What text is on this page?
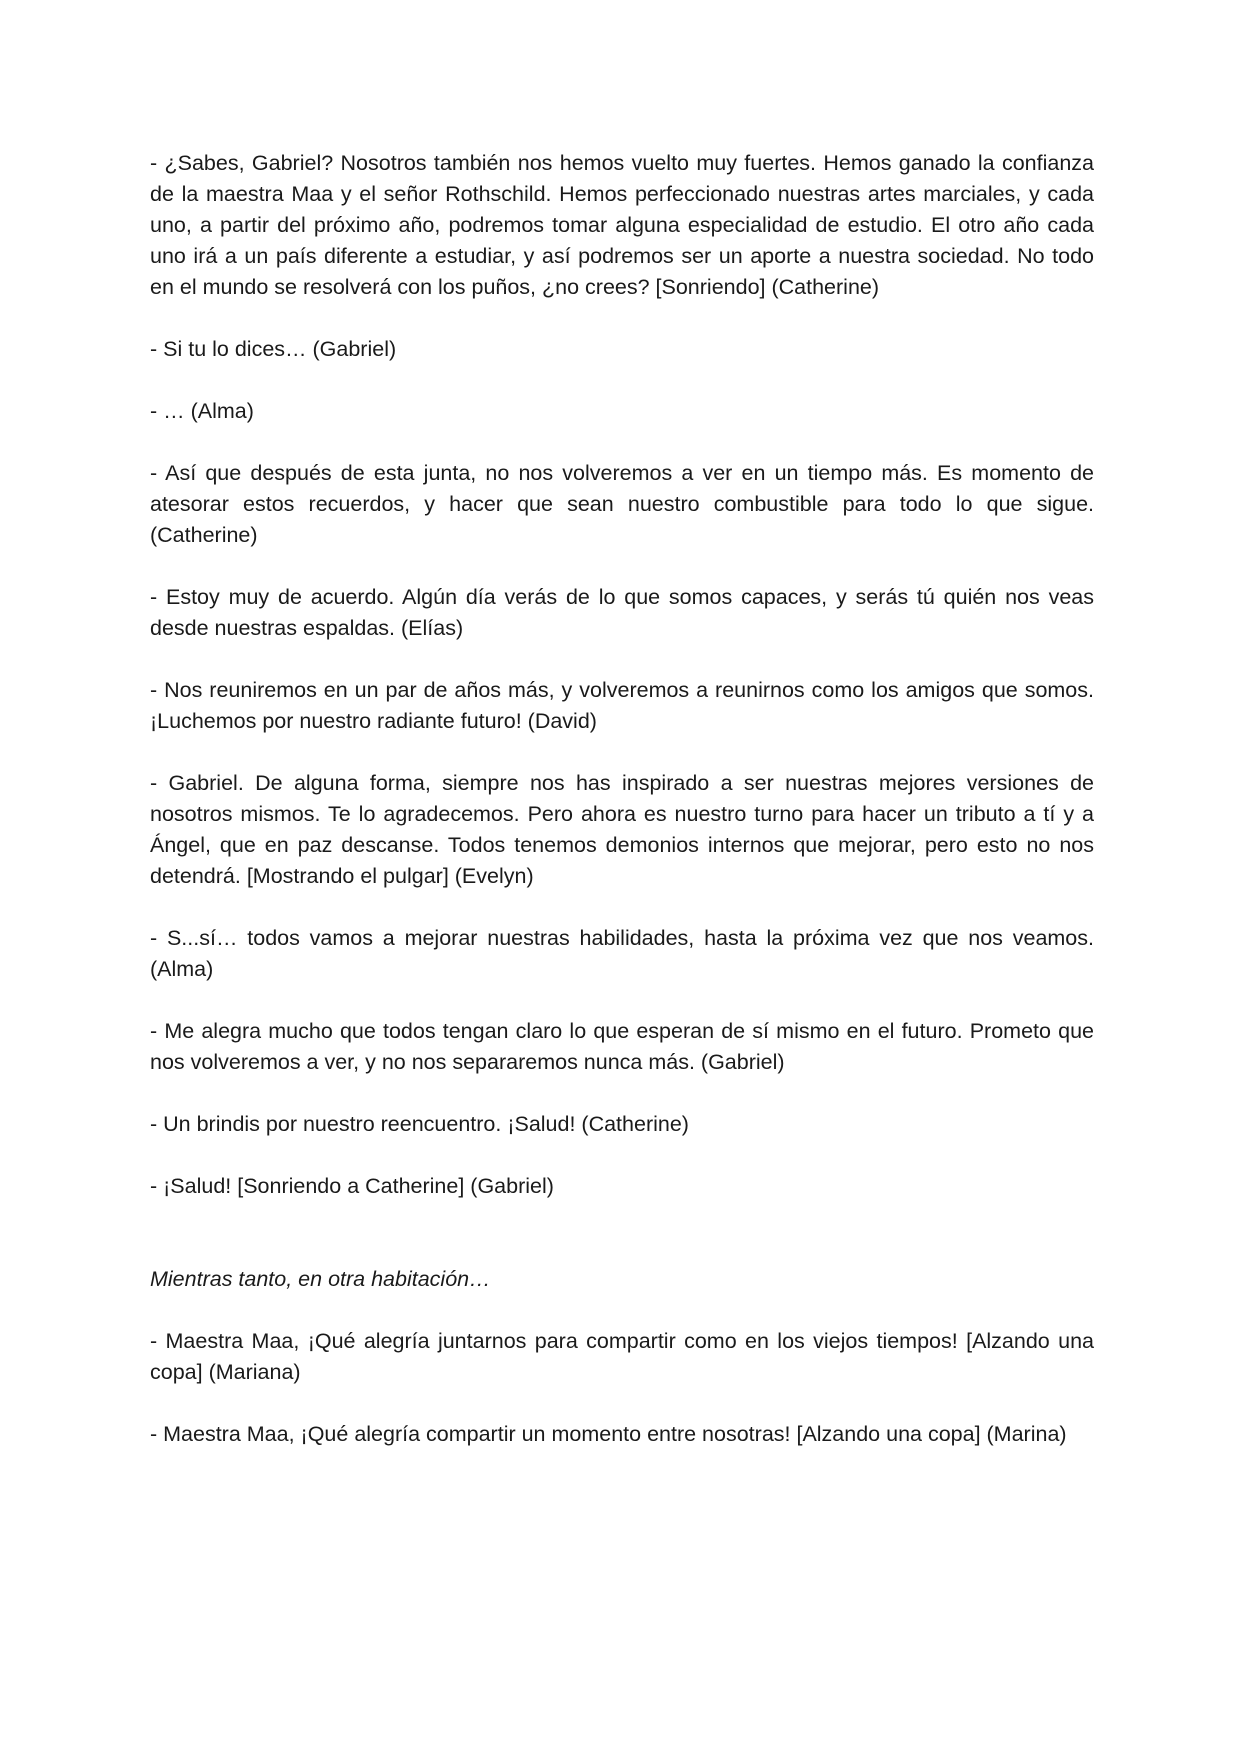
- ¿Sabes, Gabriel? Nosotros también nos hemos vuelto muy fuertes. Hemos ganado la confianza de la maestra Maa y el señor Rothschild. Hemos perfeccionado nuestras artes marciales, y cada uno, a partir del próximo año, podremos tomar alguna especialidad de estudio. El otro año cada uno irá a un país diferente a estudiar, y así podremos ser un aporte a nuestra sociedad. No todo en el mundo se resolverá con los puños, ¿no crees? [Sonriendo] (Catherine)

- Si tu lo dices… (Gabriel)

- … (Alma)

- Así que después de esta junta, no nos volveremos a ver en un tiempo más. Es momento de atesorar estos recuerdos, y hacer que sean nuestro combustible para todo lo que sigue. (Catherine)

- Estoy muy de acuerdo. Algún día verás de lo que somos capaces, y serás tú quién nos veas desde nuestras espaldas. (Elías)

- Nos reuniremos en un par de años más, y volveremos a reunirnos como los amigos que somos. ¡Luchemos por nuestro radiante futuro! (David)

- Gabriel. De alguna forma, siempre nos has inspirado a ser nuestras mejores versiones de nosotros mismos. Te lo agradecemos. Pero ahora es nuestro turno para hacer un tributo a tí y a Ángel, que en paz descanse. Todos tenemos demonios internos que mejorar, pero esto no nos detendrá. [Mostrando el pulgar] (Evelyn)

- S...sí… todos vamos a mejorar nuestras habilidades, hasta la próxima vez que nos veamos. (Alma)

- Me alegra mucho que todos tengan claro lo que esperan de sí mismo en el futuro. Prometo que nos volveremos a ver, y no nos separaremos nunca más. (Gabriel)

- Un brindis por nuestro reencuentro. ¡Salud! (Catherine)

- ¡Salud! [Sonriendo a Catherine] (Gabriel)

Mientras tanto, en otra habitación…

- Maestra Maa, ¡Qué alegría juntarnos para compartir como en los viejos tiempos! [Alzando una copa] (Mariana)

- Maestra Maa, ¡Qué alegría compartir un momento entre nosotras! [Alzando una copa] (Marina)
